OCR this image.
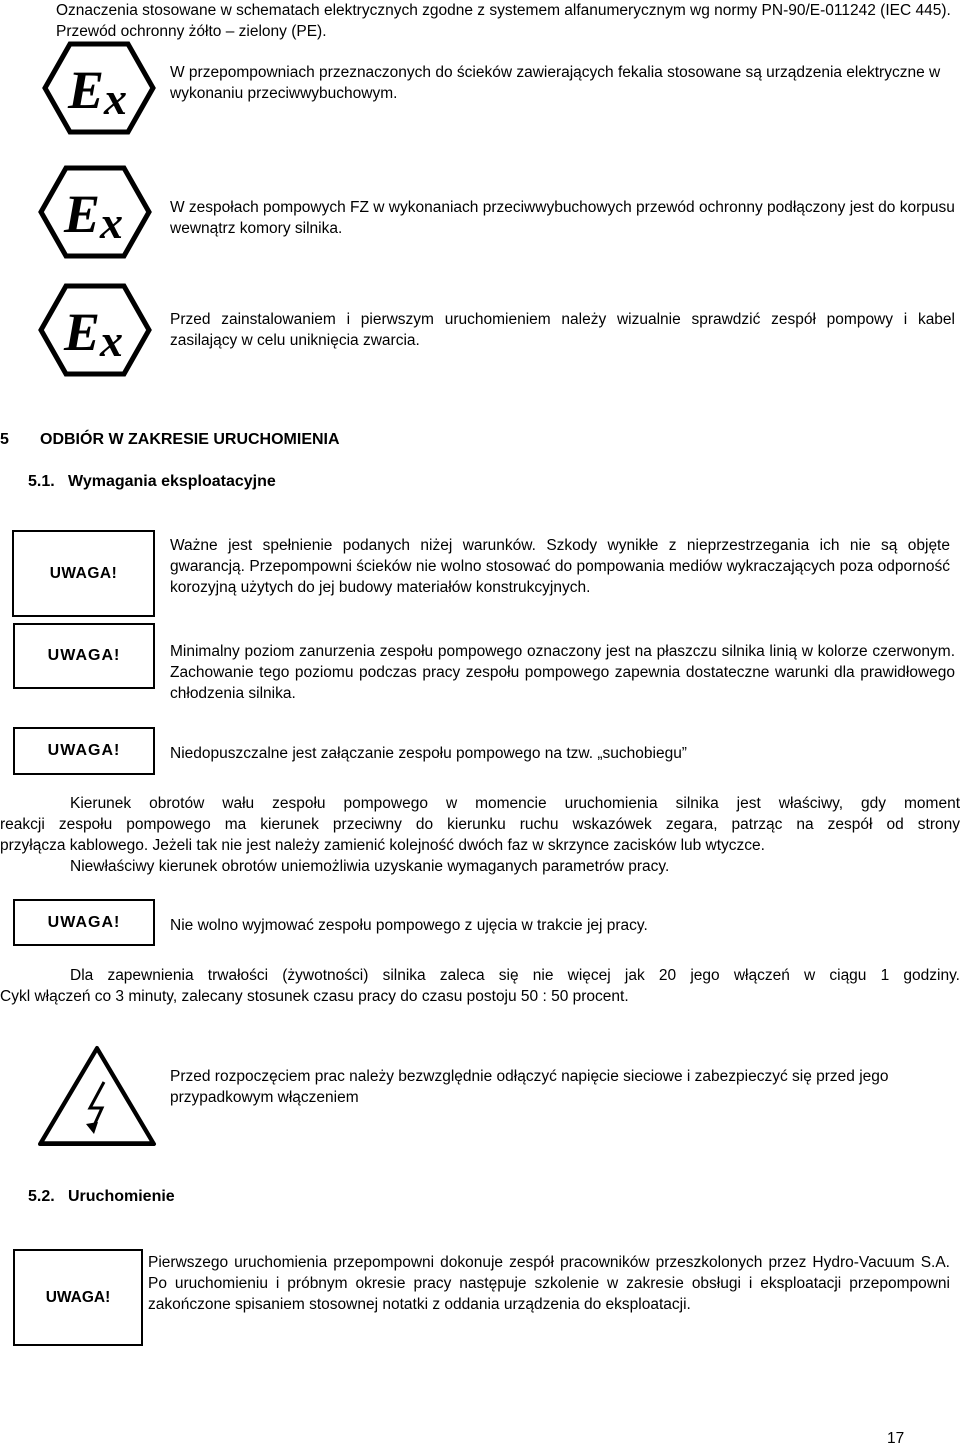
Oznaczenia stosowane w schematach elektrycznych zgodne z systemem alfanumerycznym wg normy PN-90/E-011242 (IEC 445). Przewód ochronny żółto – zielony (PE).
E x
W przepompowniach przeznaczonych do ścieków zawierających fekalia stosowane są urządzenia elektryczne w wykonaniu przeciwwybuchowym.
E x	W zespołach pompowych FZ w wykonaniach przeciwwybuchowych przewód ochronny podłączony jest do korpusu wewnątrz komory silnika.
E x	Przed zainstalowaniem i pierwszym uruchomieniem należy wizualnie sprawdzić zespół pompowy i kabel zasilający w celu uniknięcia zwarcia.
5 ODBIÓR W ZAKRESIE URUCHOMIENIA
5.1. Wymagania eksploatacyjne
UWAGA!
Ważne jest spełnienie podanych niżej warunków. Szkody wynikłe z nieprzestrzegania ich nie są objęte gwarancją. Przepompowni ścieków nie wolno stosować do pompowania mediów wykraczających poza odporność korozyjną użytych do jej budowy materiałów konstrukcyjnych.
UWAGA!	Minimalny poziom zanurzenia zespołu pompowego oznaczony jest na płaszczu silnika linią w kolorze czerwonym. Zachowanie tego poziomu podczas pracy zespołu pompowego zapewnia dostateczne warunki dla prawidłowego chłodzenia silnika.
UWAGA!	Niedopuszczalne jest załączanie zespołu pompowego na tzw. „suchobiegu”
Kierunek obrotów wału zespołu pompowego w momencie uruchomienia silnika jest właściwy, gdy moment
reakcji zespołu pompowego ma kierunek przeciwny do kierunku ruchu wskazówek zegara, patrząc na zespół od strony
przyłącza kablowego. Jeżeli tak nie jest należy zamienić kolejność dwóch faz w skrzynce zacisków lub wtyczce.
Niewłaściwy kierunek obrotów uniemożliwia uzyskanie wymaganych parametrów pracy.
UWAGA!	Nie wolno wyjmować zespołu pompowego z ujęcia w trakcie jej pracy.
Dla zapewnienia trwałości (żywotności) silnika zaleca się nie więcej jak 20 jego włączeń w ciągu 1 godziny.
Cykl włączeń co 3 minuty, zalecany stosunek czasu pracy do czasu postoju 50 : 50 procent.
Przed rozpoczęciem prac należy bezwzględnie odłączyć napięcie sieciowe i zabezpieczyć się przed jego przypadkowym włączeniem
5.2. Uruchomienie
UWAGA!
Pierwszego uruchomienia przepompowni dokonuje zespół pracowników przeszkolonych przez Hydro-Vacuum S.A. Po uruchomieniu i próbnym okresie pracy następuje szkolenie w zakresie obsługi i eksploatacji przepompowni zakończone spisaniem stosownej notatki z oddania urządzenia do eksploatacji.
17
